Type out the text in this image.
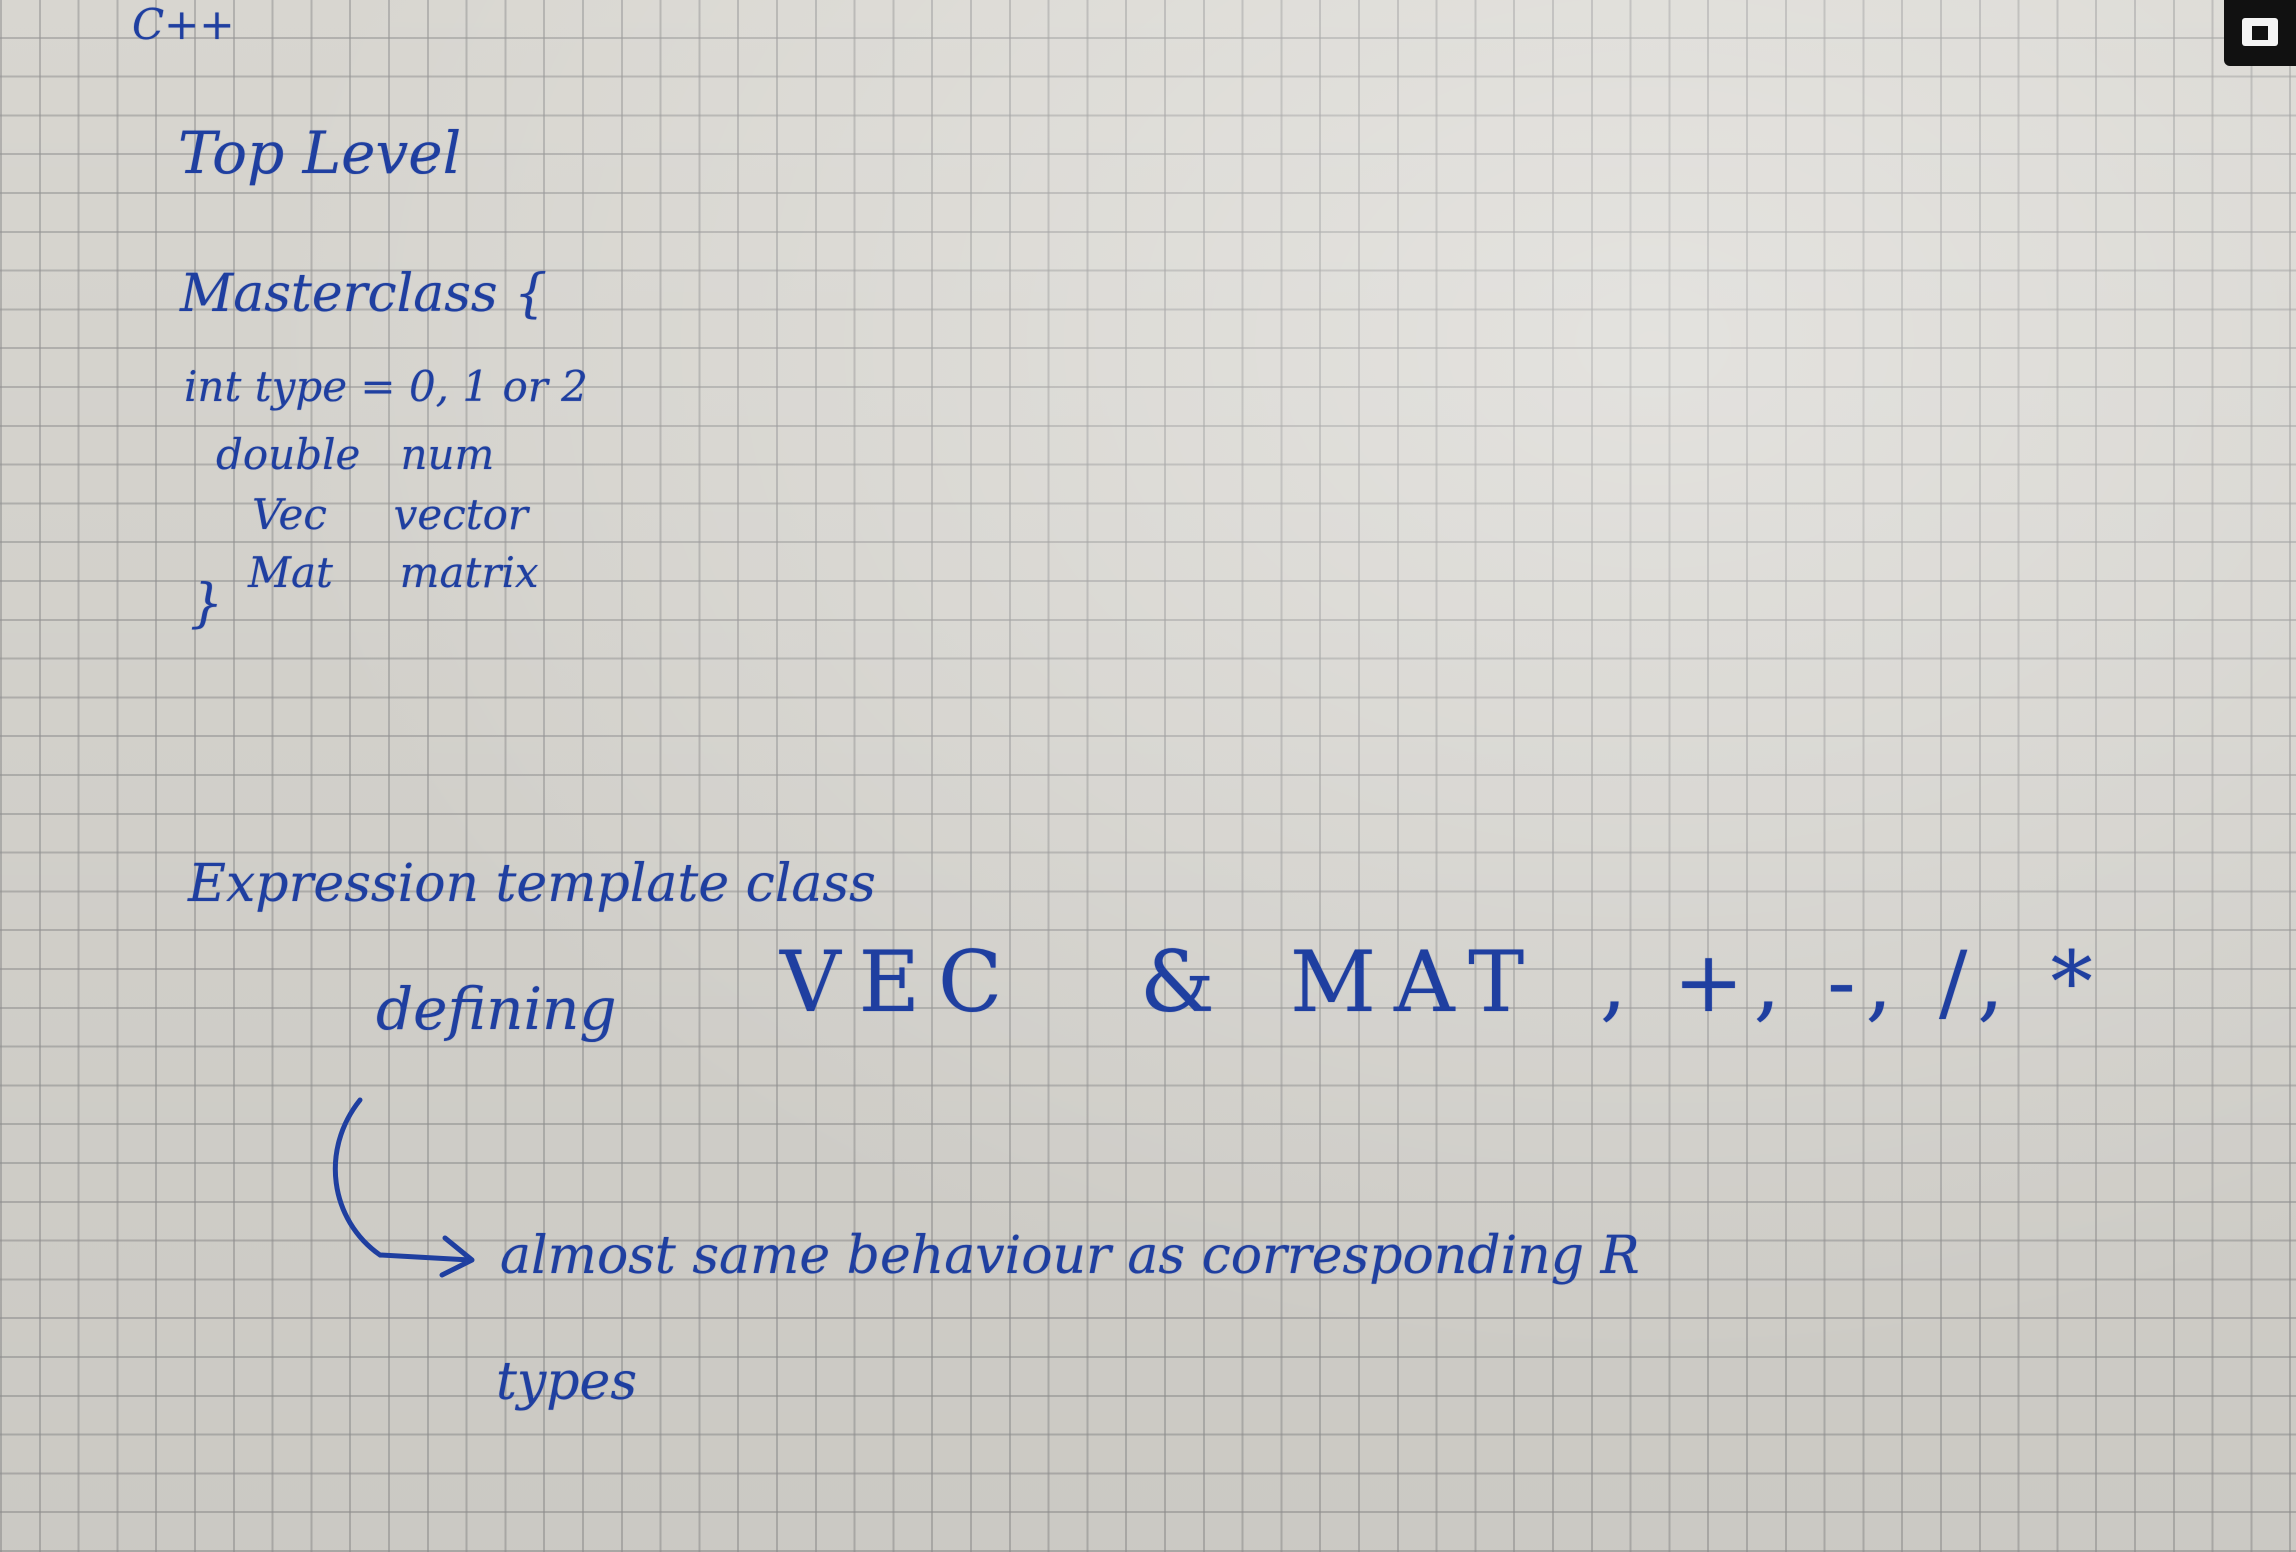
C++
Top Level
Masterclass {
int type = 0, 1 or 2
double   num
Vec     vector
Mat     matrix
}
Expression template class
defining VEC & MAT , +, -, /, *
almost same behaviour as corresponding R
types
